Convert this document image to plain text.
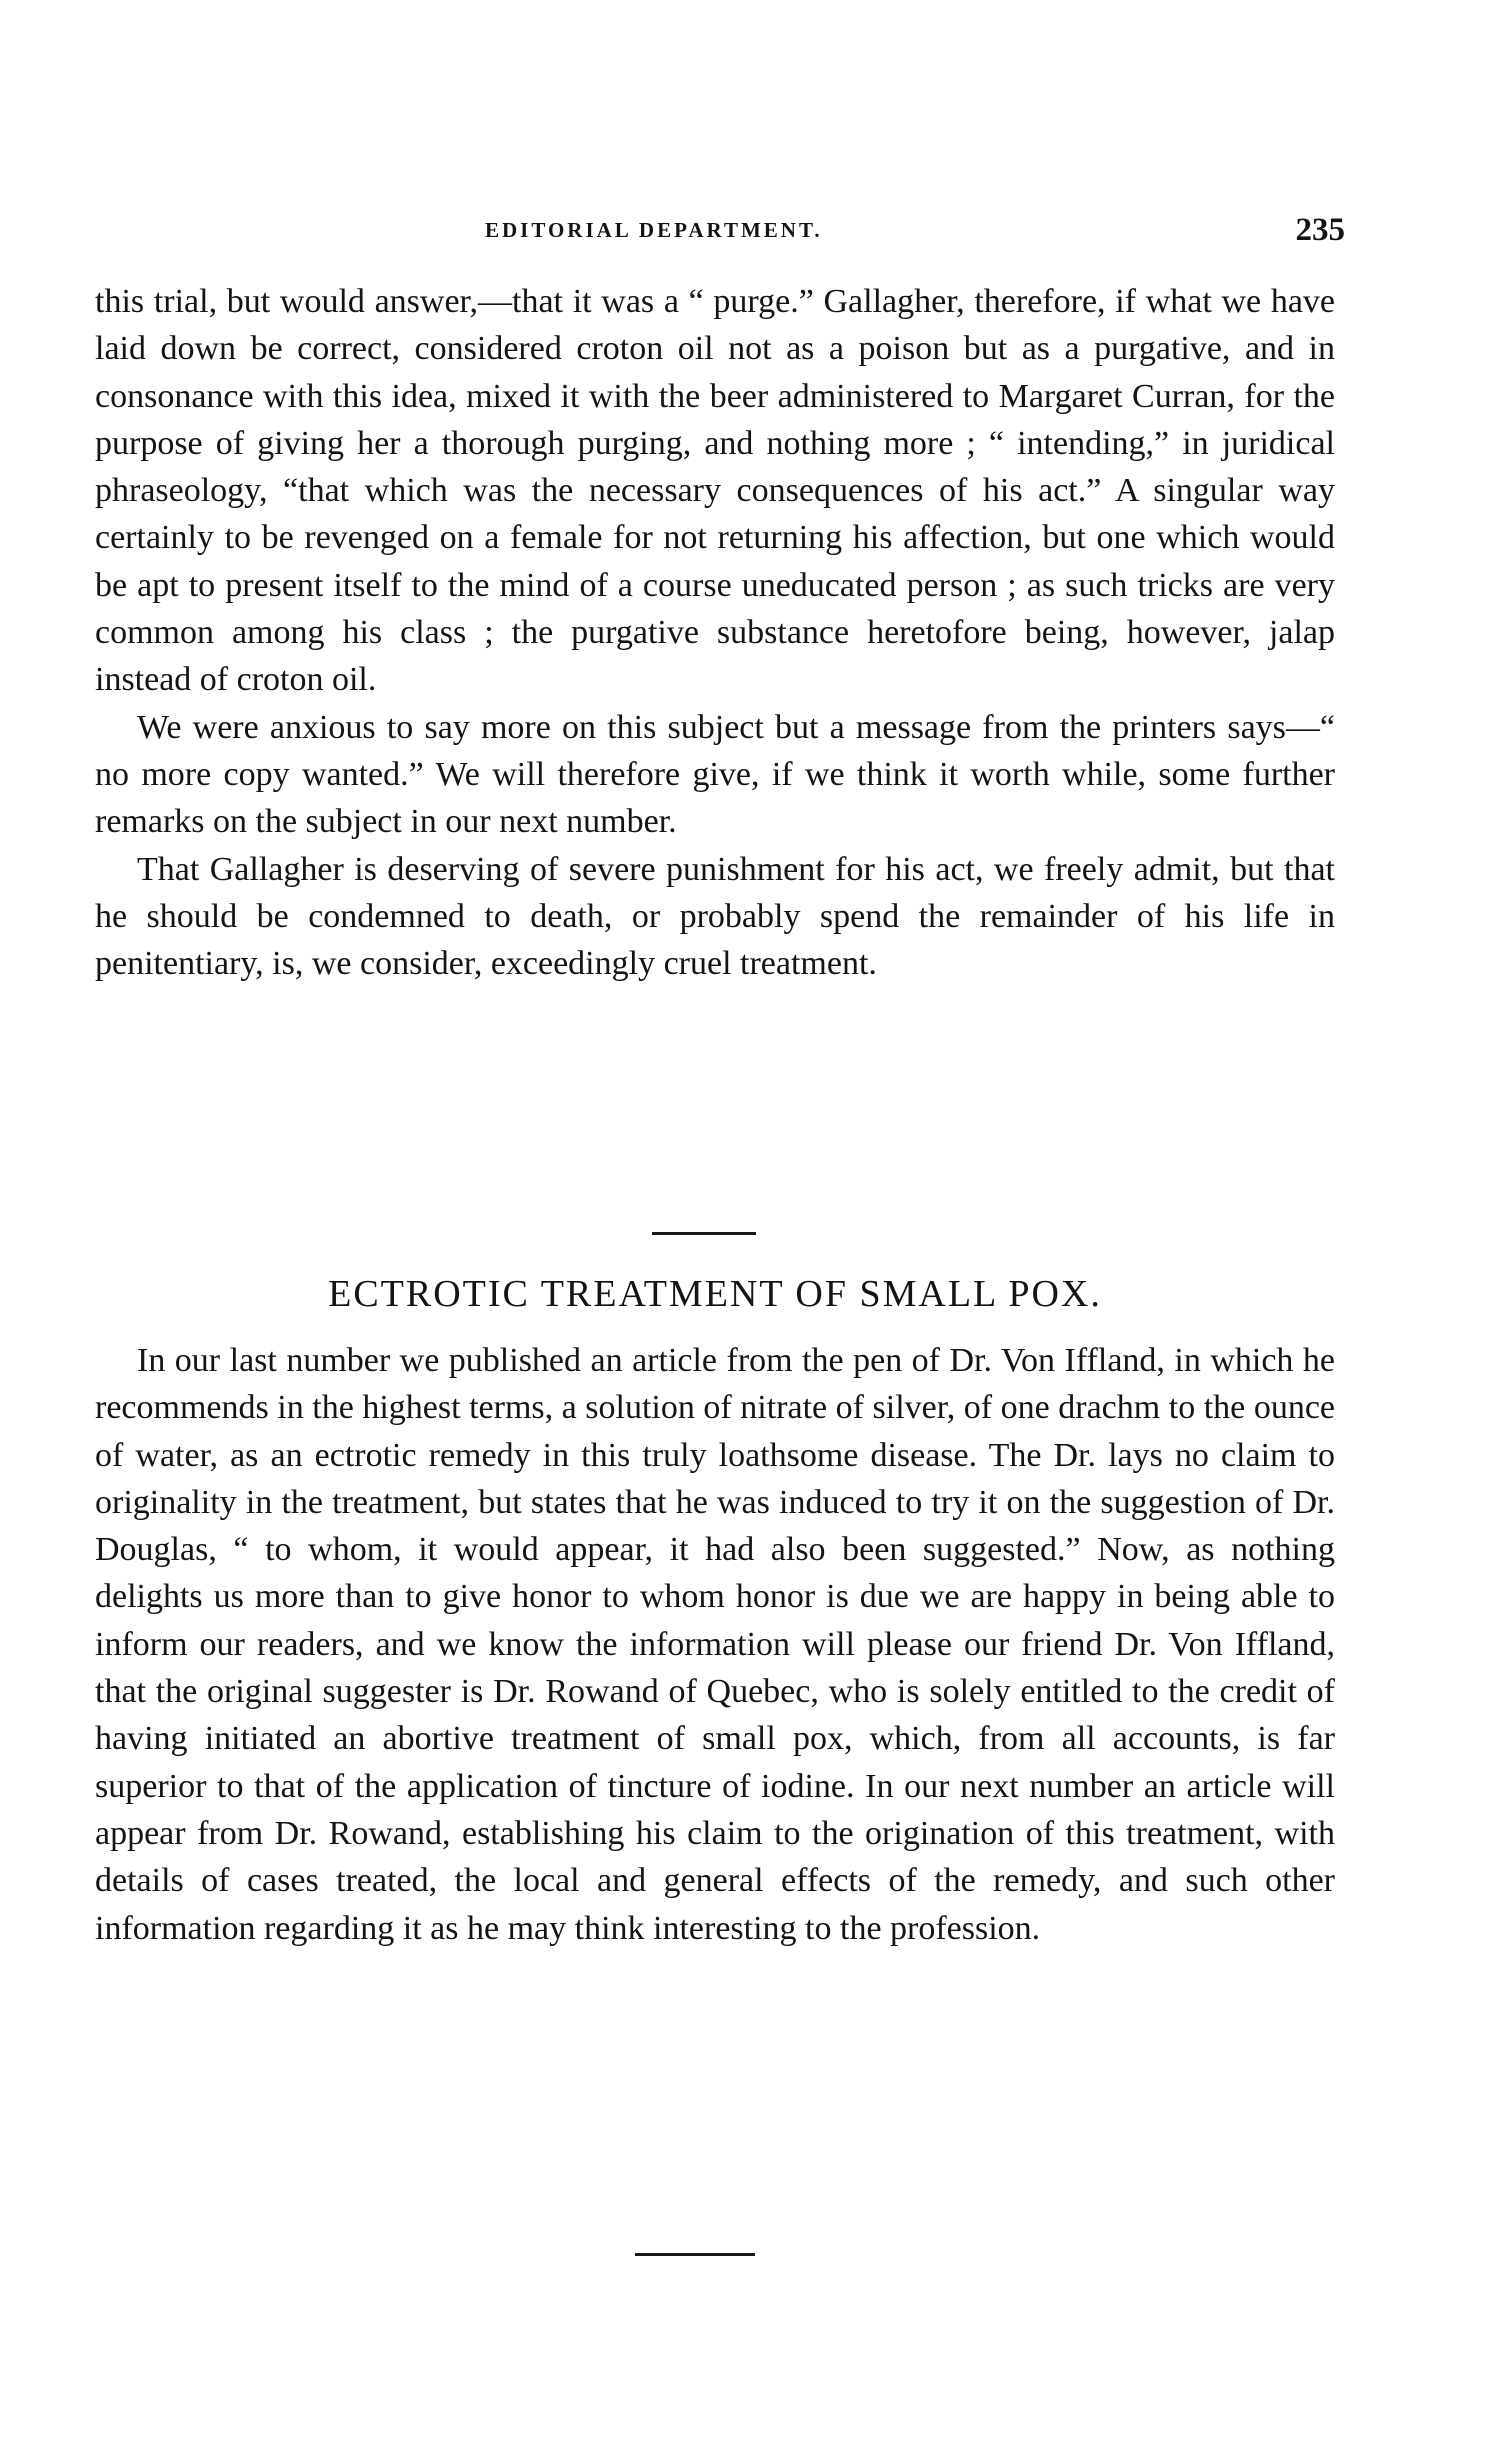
EDITORIAL DEPARTMENT.	235

this trial, but would answer,—that it was a “ purge.” Gallagher, therefore, if what we have laid down be correct, considered croton oil not as a poison but as a purgative, and in consonance with this idea, mixed it with the beer administered to Margaret Curran, for the purpose of giving her a thorough purging, and nothing more ; “ intending,” in juridical phraseology, “that which was the necessary consequences of his act.” A singular way certainly to be revenged on a female for not returning his affection, but one which would be apt to present itself to the mind of a course uneducated person ; as such tricks are very common among his class ; the purgative substance heretofore being, however, jalap instead of croton oil.

We were anxious to say more on this subject but a message from the printers says—“ no more copy wanted.” We will therefore give, if we think it worth while, some further remarks on the subject in our next number.

That Gallagher is deserving of severe punishment for his act, we freely admit, but that he should be condemned to death, or probably spend the remainder of his life in penitentiary, is, we consider, exceedingly cruel treatment.

ECTROTIC TREATMENT OF SMALL POX.

In our last number we published an article from the pen of Dr. Von Iffland, in which he recommends in the highest terms, a solution of nitrate of silver, of one drachm to the ounce of water, as an ectrotic remedy in this truly loathsome disease. The Dr. lays no claim to originality in the treatment, but states that he was induced to try it on the suggestion of Dr. Douglas, “ to whom, it would appear, it had also been suggested.” Now, as nothing delights us more than to give honor to whom honor is due we are happy in being able to inform our readers, and we know the information will please our friend Dr. Von Iffland, that the original suggester is Dr. Rowand of Quebec, who is solely entitled to the credit of having initiated an abortive treatment of small pox, which, from all accounts, is far superior to that of the application of tincture of iodine. In our next number an article will appear from Dr. Rowand, establishing his claim to the origination of this treatment, with details of cases treated, the local and general effects of the remedy, and such other information regarding it as he may think interesting to the profession.
